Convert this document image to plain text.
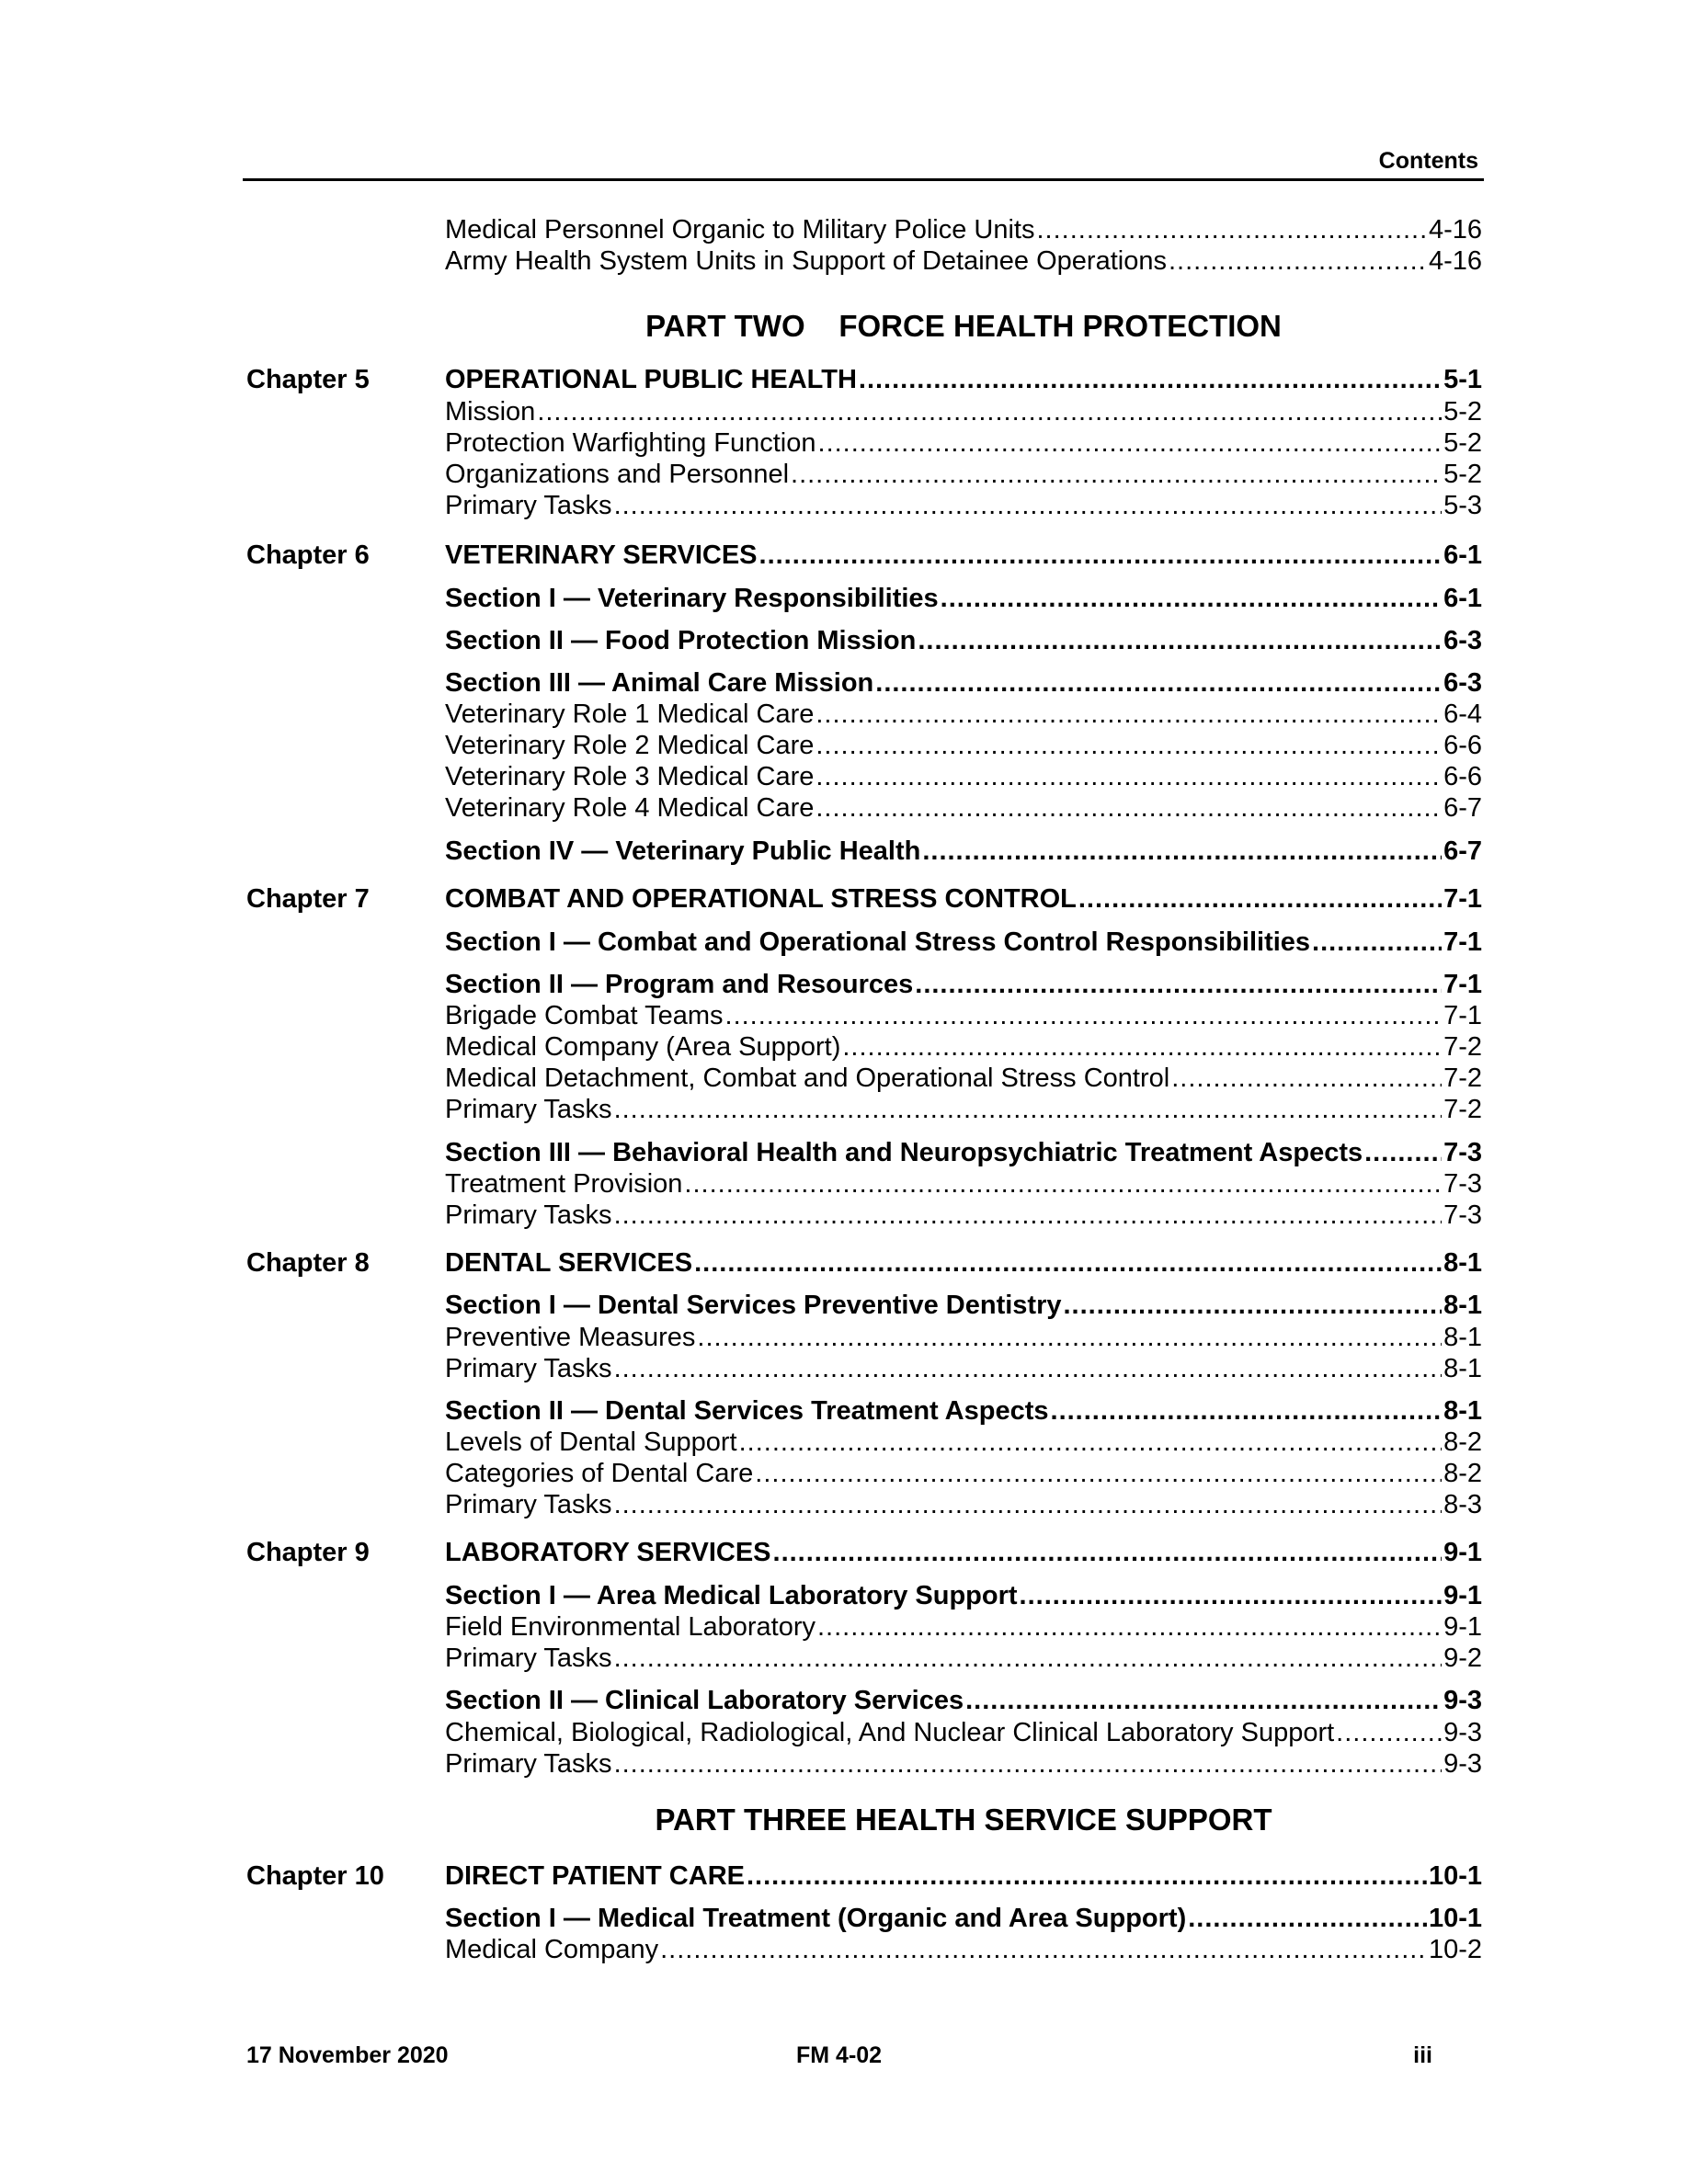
Contents
Medical Personnel Organic to Military Police Units .....	4-16
Army Health System Units in Support of Detainee Operations .....	4-16
PART TWO    FORCE HEALTH PROTECTION
Chapter 5	OPERATIONAL PUBLIC HEALTH .....	5-1
Mission .....	5-2
Protection Warfighting Function .....	5-2
Organizations and Personnel .....	5-2
Primary Tasks .....	5-3
Chapter 6	VETERINARY SERVICES .....	6-1
Section I — Veterinary Responsibilities .....	6-1
Section II — Food Protection Mission .....	6-3
Section III — Animal Care Mission .....	6-3
Veterinary Role 1 Medical Care .....	6-4
Veterinary Role 2 Medical Care .....	6-6
Veterinary Role 3 Medical Care .....	6-6
Veterinary Role 4 Medical Care .....	6-7
Section IV — Veterinary Public Health .....	6-7
Chapter 7	COMBAT AND OPERATIONAL STRESS CONTROL .....	7-1
Section I — Combat and Operational Stress Control Responsibilities .....	7-1
Section II — Program and Resources .....	7-1
Brigade Combat Teams .....	7-1
Medical Company (Area Support) .....	7-2
Medical Detachment, Combat and Operational Stress Control .....	7-2
Primary Tasks .....	7-2
Section III — Behavioral Health and Neuropsychiatric Treatment Aspects .....	7-3
Treatment Provision .....	7-3
Primary Tasks .....	7-3
Chapter 8	DENTAL SERVICES .....	8-1
Section I — Dental Services Preventive Dentistry .....	8-1
Preventive Measures .....	8-1
Primary Tasks .....	8-1
Section II — Dental Services Treatment Aspects .....	8-1
Levels of Dental Support .....	8-2
Categories of Dental Care .....	8-2
Primary Tasks .....	8-3
Chapter 9	LABORATORY SERVICES .....	9-1
Section I — Area Medical Laboratory Support .....	9-1
Field Environmental Laboratory .....	9-1
Primary Tasks .....	9-2
Section II — Clinical Laboratory Services .....	9-3
Chemical, Biological, Radiological, And Nuclear Clinical Laboratory Support .....	9-3
Primary Tasks .....	9-3
PART THREE HEALTH SERVICE SUPPORT
Chapter 10	DIRECT PATIENT CARE .....	10-1
Section I — Medical Treatment (Organic and Area Support) .....	10-1
Medical Company .....	10-2
17 November 2020	FM 4-02	iii
